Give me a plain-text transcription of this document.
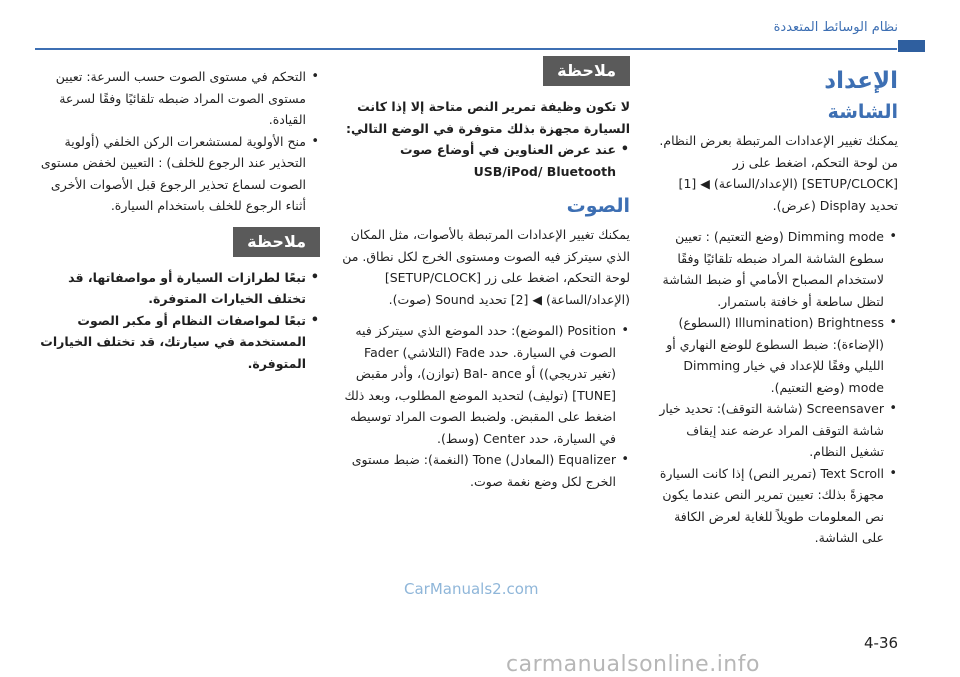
نظام الوسائط المتعددة
الإعداد
الشاشة

يمكنك تغيير الإعدادات المرتبطة بعرض النظام. من لوحة التحكم، اضغط على زر [SETUP/CLOCK] (الإعداد/الساعة) ◀ [1] تحديد Display (عرض).

• Dimming mode (وضع التعتيم) : تعيين سطوع الشاشة المراد ضبطه تلقائيًا وفقًا لاستخدام المصباح الأمامي أو ضبط الشاشة لتظل ساطعة أو خافتة باستمرار.
• Illumination) Brightness (السطوع) (الإضاءة): ضبط السطوع للوضع النهاري أو الليلي وفقًا للإعداد في خيار Dimming mode (وضع التعتيم).
• Screensaver (شاشة التوقف): تحديد خيار شاشة التوقف المراد عرضه عند إيقاف تشغيل النظام.
• Text Scroll (تمرير النص) إذا كانت السيارة مجهزةً بذلك: تعيين تمرير النص عندما يكون نص المعلومات طويلاً للغاية لعرض الكافة على الشاشة.
ملاحظة

لا تكون وظيفة تمرير النص متاحة إلا إذا كانت السيارة مجهزة بذلك متوفرة في الوضع التالي:

• عند عرض العناوين في أوضاع صوت USB/iPod/ Bluetooth
الصوت

يمكنك تغيير الإعدادات المرتبطة بالأصوات، مثل المكان الذي سيتركز فيه الصوت ومستوى الخرج لكل نطاق. من لوحة التحكم، اضغط على زر [SETUP/CLOCK] (الإعداد/الساعة) ◀ [2] تحديد Sound (صوت).

• Position (الموضع): حدد الموضع الذي سيتركز فيه الصوت في السيارة. حدد Fade (التلاشي) Fader (تغير تدريجي)) أو Bal- ance (توازن)، وأدر مقبض [TUNE] (توليف) لتحديد الموضع المطلوب، وبعد ذلك اضغط على المقبض. ولضبط الصوت المراد توسيطه في السيارة، حدد Center (وسط).
• Equalizer (المعادل) Tone (النغمة): ضبط مستوى الخرج لكل وضع نغمة صوت.
• التحكم في مستوى الصوت حسب السرعة: تعيين مستوى الصوت المراد ضبطه تلقائيًا وفقًا لسرعة القيادة.
• منح الأولوية لمستشعرات الركن الخلفي (أولوية التحذير عند الرجوع للخلف) : التعيين لخفض مستوى الصوت لسماع تحذير الرجوع قبل الأصوات الأخرى أثناء الرجوع للخلف باستخدام السيارة.
ملاحظة
• تبعًا لطرازات السيارة أو مواصفاتها، قد تختلف الخيارات المتوفرة.
• تبعًا لمواصفات النظام أو مكبر الصوت المستخدمة في سيارتك، قد تختلف الخيارات المتوفرة.
CarManuals2.com
4-36
carmanualsonline.info
